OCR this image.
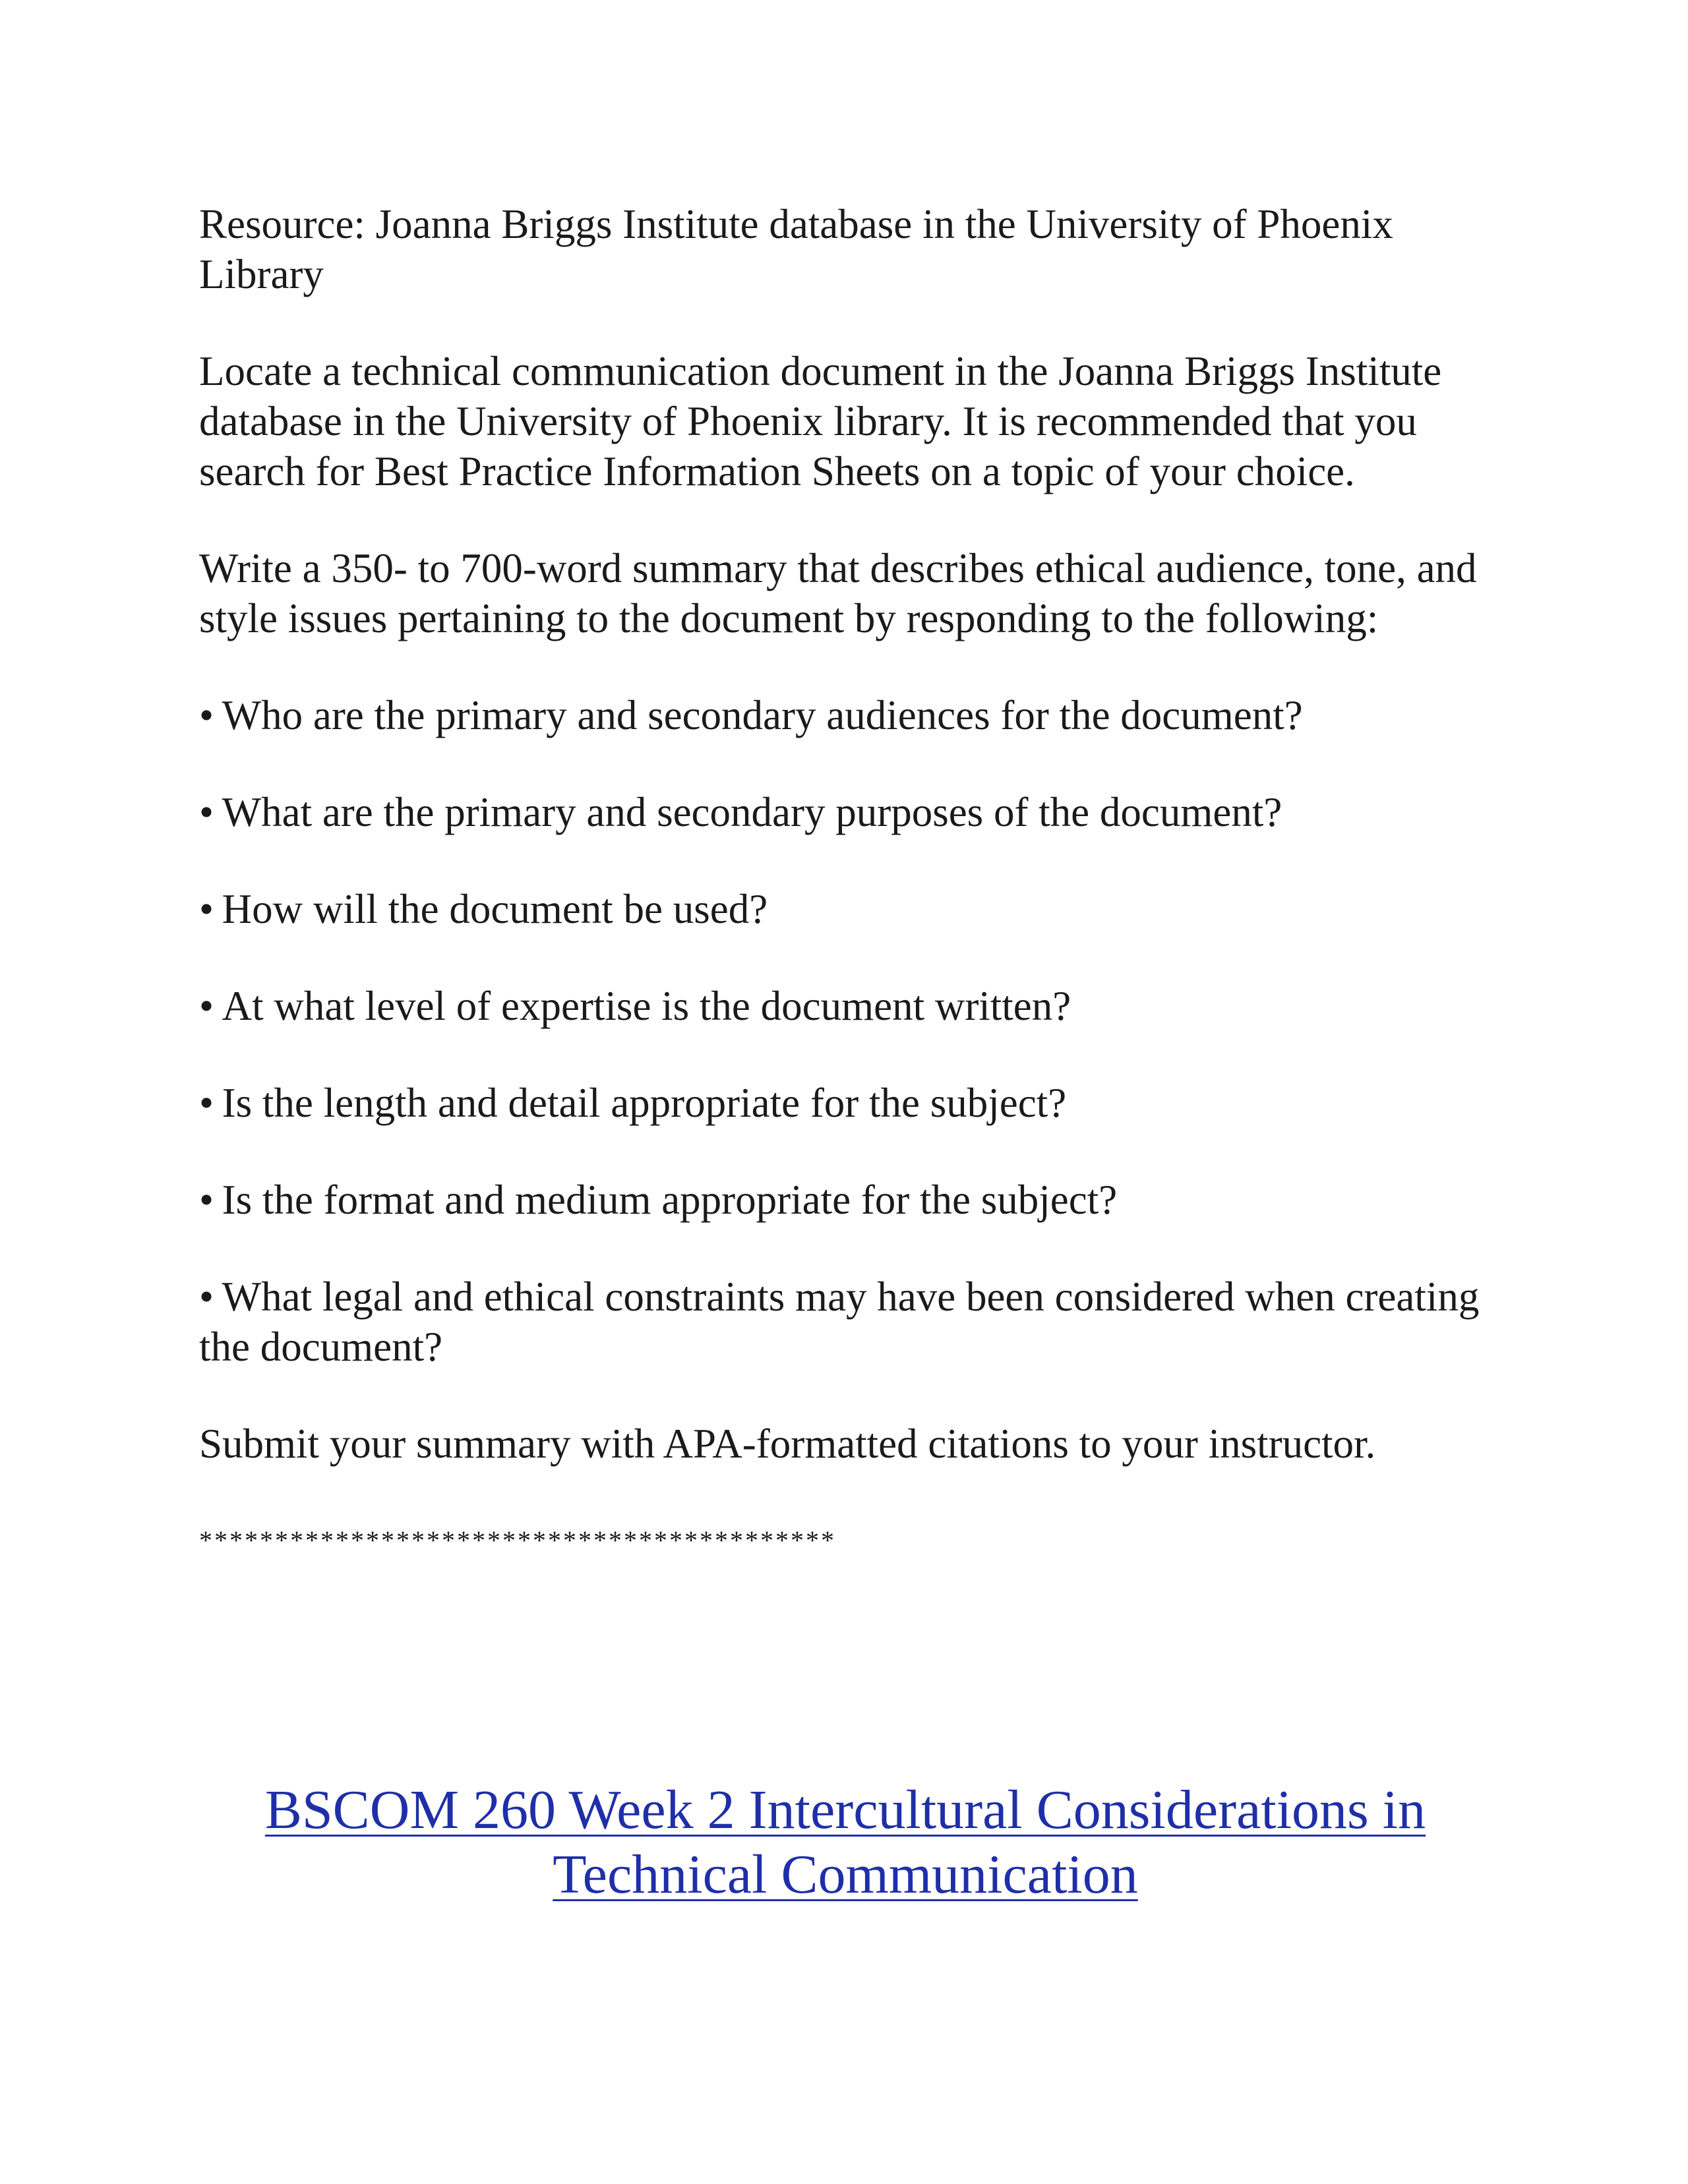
Resource: Joanna Briggs Institute database in the University of Phoenix Library

Locate a technical communication document in the Joanna Briggs Institute database in the University of Phoenix library. It is recommended that you search for Best Practice Information Sheets on a topic of your choice.

Write a 350- to 700-word summary that describes ethical audience, tone, and style issues pertaining to the document by responding to the following:

• Who are the primary and secondary audiences for the document?

• What are the primary and secondary purposes of the document?

• How will the document be used?

• At what level of expertise is the document written?

• Is the length and detail appropriate for the subject?

• Is the format and medium appropriate for the subject?

• What legal and ethical constraints may have been considered when creating the document?

Submit your summary with APA-formatted citations to your instructor.

******************************************

BSCOM 260 Week 2 Intercultural Considerations in Technical Communication
